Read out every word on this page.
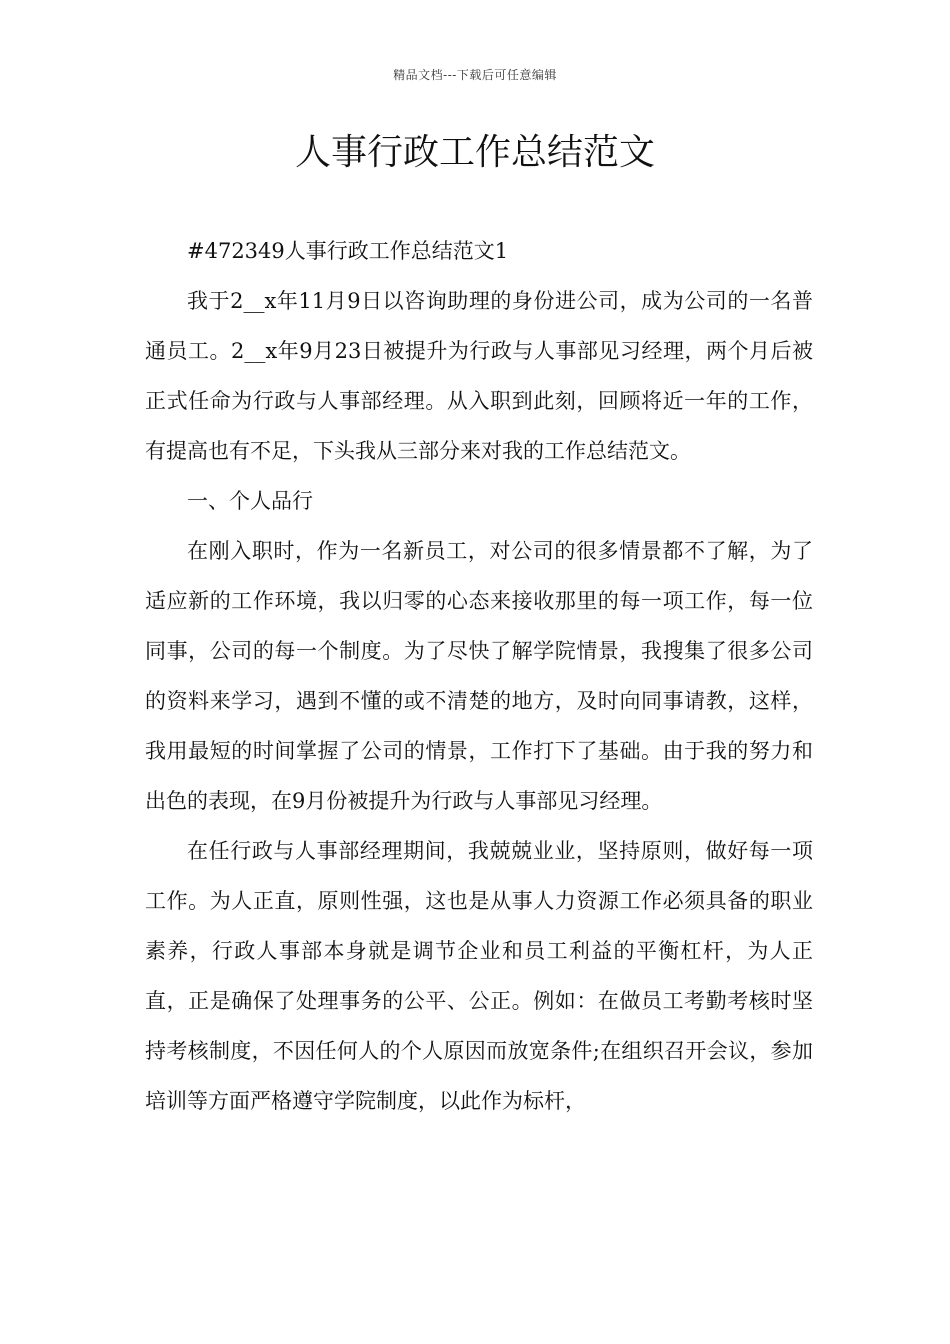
精品文档---下载后可任意编辑
人事行政工作总结范文

#472349人事行政工作总结范文1

我于2__x年11月9日以咨询助理的身份进公司，成为公司的一名普通员工。2__x年9月23日被提升为行政与人事部见习经理，两个月后被正式任命为行政与人事部经理。从入职到此刻，回顾将近一年的工作，有提高也有不足，下头我从三部分来对我的工作总结范文。

一、个人品行

在刚入职时，作为一名新员工，对公司的很多情景都不了解，为了适应新的工作环境，我以归零的心态来接收那里的每一项工作，每一位同事，公司的每一个制度。为了尽快了解学院情景，我搜集了很多公司的资料来学习，遇到不懂的或不清楚的地方，及时向同事请教，这样，我用最短的时间掌握了公司的情景，工作打下了基础。由于我的努力和出色的表现，在9月份被提升为行政与人事部见习经理。

在任行政与人事部经理期间，我兢兢业业，坚持原则，做好每一项工作。为人正直，原则性强，这也是从事人力资源工作必须具备的职业素养，行政人事部本身就是调节企业和员工利益的平衡杠杆，为人正直，正是确保了处理事务的公平、公正。例如：在做员工考勤考核时坚持考核制度，不因任何人的个人原因而放宽条件;在组织召开会议，参加培训等方面严格遵守学院制度，以此作为标杆，
